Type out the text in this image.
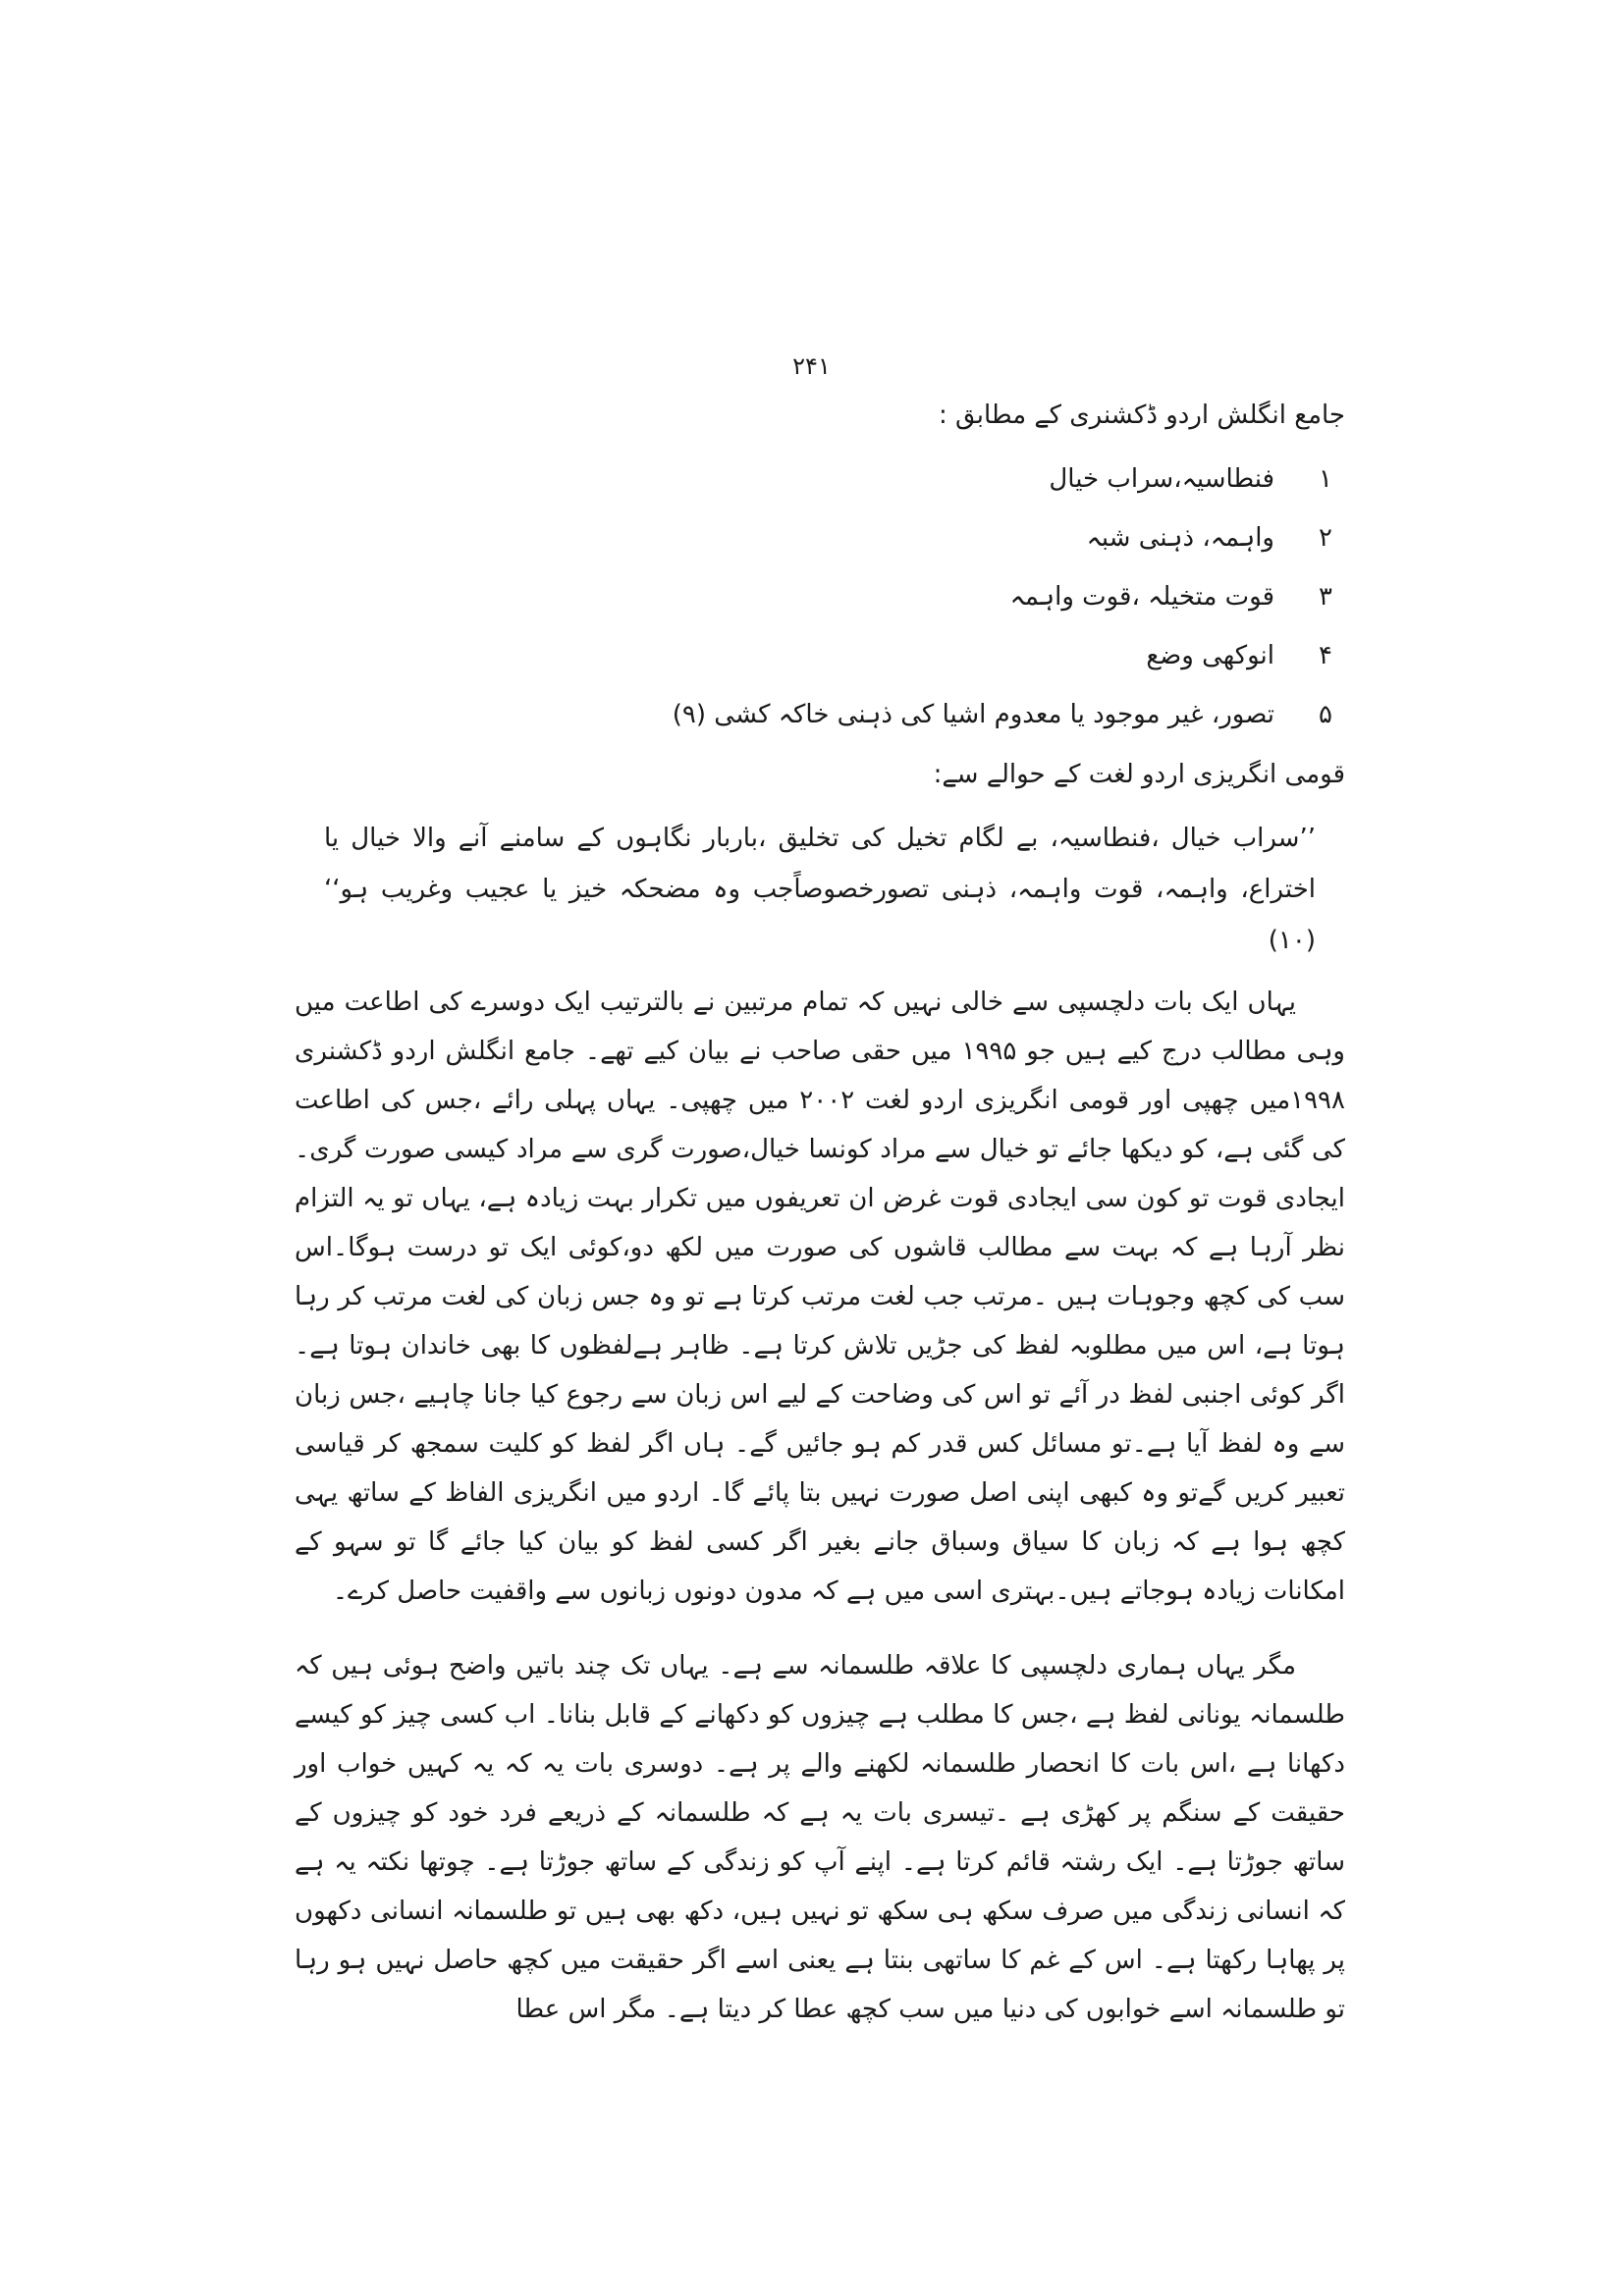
۲۴۱
جامع انگلش اردو ڈکشنری کے مطابق :
۱
فنطاسیہ،سراب خیال
۲
واہمہ، ذہنی شبہ
۳
قوت متخیلہ ،قوت واہمہ
۴
انوکھی وضع
۵
تصور، غیر موجود یا معدوم اشیا کی ذہنی خاکہ کشی (۹)
قومی انگریزی اردو لغت کے حوالے سے:

’’سراب خیال ،فنطاسیہ، بے لگام تخیل کی تخلیق ،باربار نگاہوں کے سامنے آنے والا خیال یا اختراع، واہمہ، قوت واہمہ، ذہنی تصورخصوصاًجب وہ مضحکہ خیز یا عجیب وغریب ہو‘‘ (۱۰)

یہاں ایک بات دلچسپی سے خالی نہیں کہ تمام مرتبین نے بالترتیب ایک دوسرے کی اطاعت میں وہی مطالب درج کیے ہیں جو ۱۹۹۵ میں حقی صاحب نے بیان کیے تھے۔ جامع انگلش اردو ڈکشنری ۱۹۹۸میں چھپی اور قومی انگریزی اردو لغت ۲۰۰۲ میں چھپی۔ یہاں پہلی رائے ،جس کی اطاعت کی گئی ہے، کو دیکھا جائے تو خیال سے مراد کونسا خیال،صورت گری سے مراد کیسی صورت گری۔ ایجادی قوت تو کون سی ایجادی قوت غرض ان تعریفوں میں تکرار بہت زیادہ ہے، یہاں تو یہ التزام نظر آرہا ہے کہ بہت سے مطالب قاشوں کی صورت میں لکھ دو،کوئی ایک تو درست ہوگا۔اس سب کی کچھ وجوہات ہیں ۔مرتب جب لغت مرتب کرتا ہے تو وہ جس زبان کی لغت مرتب کر رہا ہوتا ہے، اس میں مطلوبہ لفظ کی جڑیں تلاش کرتا ہے۔ ظاہر ہےلفظوں کا بھی خاندان ہوتا ہے۔ اگر کوئی اجنبی لفظ در آئے تو اس کی وضاحت کے لیے اس زبان سے رجوع کیا جانا چاہیے ،جس زبان سے وہ لفظ آیا ہے۔تو مسائل کس قدر کم ہو جائیں گے۔ ہاں اگر لفظ کو کلیت سمجھ کر قیاسی تعبیر کریں گےتو وہ کبھی اپنی اصل صورت نہیں بتا پائے گا۔ اردو میں انگریزی الفاظ کے ساتھ یہی کچھ ہوا ہے کہ زبان کا سیاق وسباق جانے بغیر اگر کسی لفظ کو بیان کیا جائے گا تو سہو کے امکانات زیادہ ہوجاتے ہیں۔بہتری اسی میں ہے کہ مدون دونوں زبانوں سے واقفیت حاصل کرے۔

مگر یہاں ہماری دلچسپی کا علاقہ طلسمانہ سے ہے۔ یہاں تک چند باتیں واضح ہوئی ہیں کہ طلسمانہ یونانی لفظ ہے ،جس کا مطلب ہے چیزوں کو دکھانے کے قابل بنانا۔ اب کسی چیز کو کیسے دکھانا ہے ،اس بات کا انحصار طلسمانہ لکھنے والے پر ہے۔ دوسری بات یہ کہ یہ کہیں خواب اور حقیقت کے سنگم پر کھڑی ہے ۔تیسری بات یہ ہے کہ طلسمانہ کے ذریعے فرد خود کو چیزوں کے ساتھ جوڑتا ہے۔ ایک رشتہ قائم کرتا ہے۔ اپنے آپ کو زندگی کے ساتھ جوڑتا ہے۔ چوتھا نکتہ یہ ہے کہ انسانی زندگی میں صرف سکھ ہی سکھ تو نہیں ہیں، دکھ بھی ہیں تو طلسمانہ انسانی دکھوں پر پھاہا رکھتا ہے۔ اس کے غم کا ساتھی بنتا ہے یعنی اسے اگر حقیقت میں کچھ حاصل نہیں ہو رہا تو طلسمانہ اسے خوابوں کی دنیا میں سب کچھ عطا کر دیتا ہے۔ مگر اس عطا
